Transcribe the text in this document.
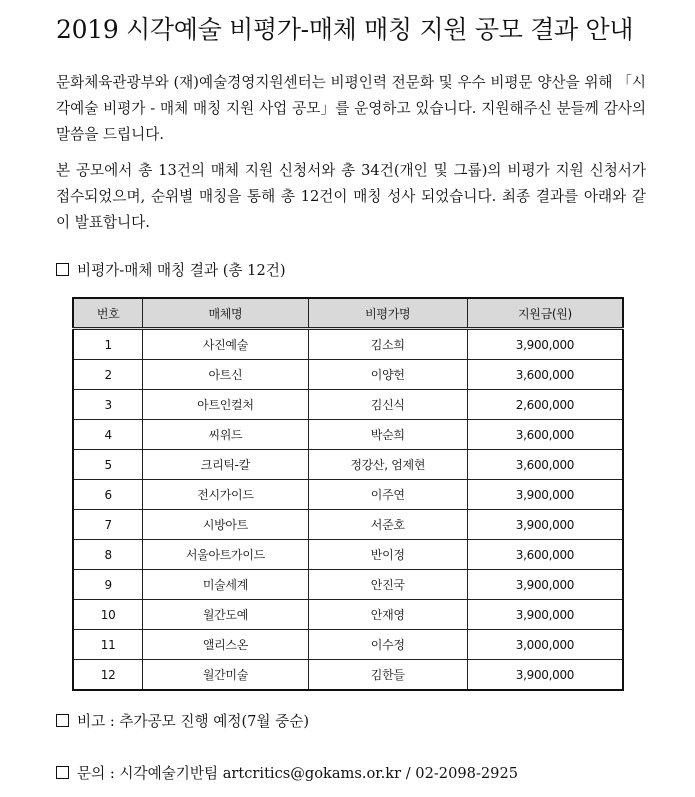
2019 시각예술 비평가-매체 매칭 지원 공모 결과 안내

문화체육관광부와 (재)예술경영지원센터는 비평인력 전문화 및 우수 비평문 양산을 위해 「시각예술 비평가 - 매체 매칭 지원 사업 공모」를 운영하고 있습니다. 지원해주신 분들께 감사의 말씀을 드립니다.

본 공모에서 총 13건의 매체 지원 신청서와 총 34건(개인 및 그룹)의 비평가 지원 신청서가 접수되었으며, 순위별 매칭을 통해 총 12건이 매칭 성사 되었습니다. 최종 결과를 아래와 같이 발표합니다.

비평가-매체 매칭 결과 (총 12건)
번호	매체명	비평가명	지원금(원)
1	사진예술	김소희	3,900,000
2	아트신	이양헌	3,600,000
3	아트인컬처	김신식	2,600,000
4	씨위드	박순희	3,600,000
5	크리틱-칼	정강산, 엄제현	3,600,000
6	전시가이드	이주연	3,900,000
7	시방아트	서준호	3,900,000
8	서울아트가이드	반이정	3,600,000
9	미술세계	안진국	3,900,000
10	월간도예	안재영	3,900,000
11	앨리스온	이수정	3,000,000
12	월간미술	김한들	3,900,000
비고 : 추가공모 진행 예정(7월 중순)
문의 : 시각예술기반팀 artcritics@gokams.or.kr / 02-2098-2925
